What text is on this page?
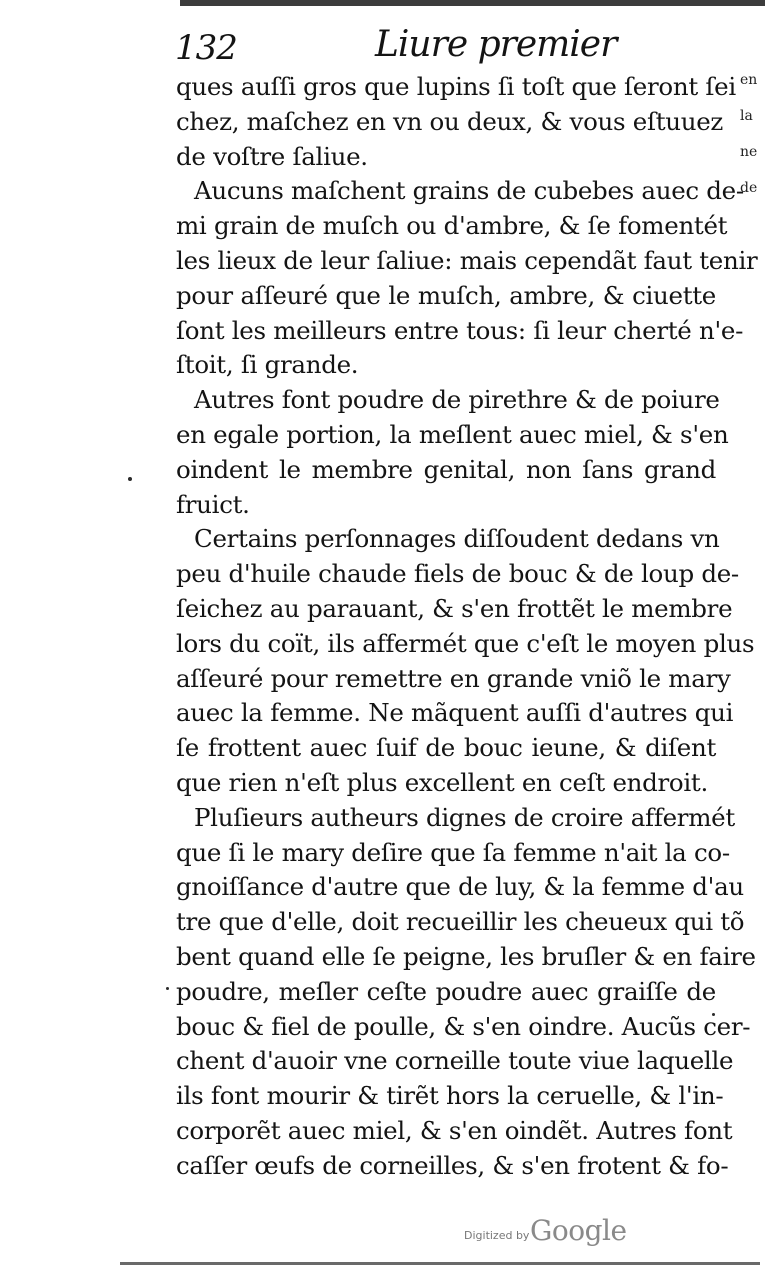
132	Liure premier
en
la
ne
de
ques auſſi gros que lupins ſi toſt que ſeront ſei
chez, maſchez en vn ou deux, & vous eſtuuez
de voſtre ſaliue.
Aucuns maſchent grains de cubebes auec de-
mi grain de muſch ou d'ambre, & ſe fomentét
les lieux de leur ſaliue: mais cependãt faut tenir
pour aſſeuré que le muſch, ambre, & ciuette
ſont les meilleurs entre tous: ſi leur cherté n'e-
ſtoit, ſi grande.
Autres font poudre de pirethre & de poiure
en egale portion, la meſlent auec miel, & s'en
oindent le membre genital, non ſans grand
fruict.
Certains perſonnages diſſoudent dedans vn
peu d'huile chaude fiels de bouc & de loup de-
ſeichez au parauant, & s'en frottẽt le membre
lors du coït, ils affermét que c'eſt le moyen plus
aſſeuré pour remettre en grande vniõ le mary
auec la femme. Ne mãquent auſſi d'autres qui
ſe frottent auec ſuif de bouc ieune, & diſent
que rien n'eſt plus excellent en ceſt endroit.
Pluſieurs autheurs dignes de croire affermét
que ſi le mary deſire que ſa femme n'ait la co-
gnoiſſance d'autre que de luy, & la femme d'au
tre que d'elle, doit recueillir les cheueux qui tõ
bent quand elle ſe peigne, les bruſler & en faire
poudre, meſler ceſte poudre auec graiſſe de
bouc & fiel de poulle, & s'en oindre. Aucũs cer-
chent d'auoir vne corneille toute viue laquelle
ils font mourir & tirẽt hors la ceruelle, & l'in-
corporẽt auec miel, & s'en oindẽt. Autres font
caſſer œufs de corneilles, & s'en frotent & fo-
Digitized by Google
